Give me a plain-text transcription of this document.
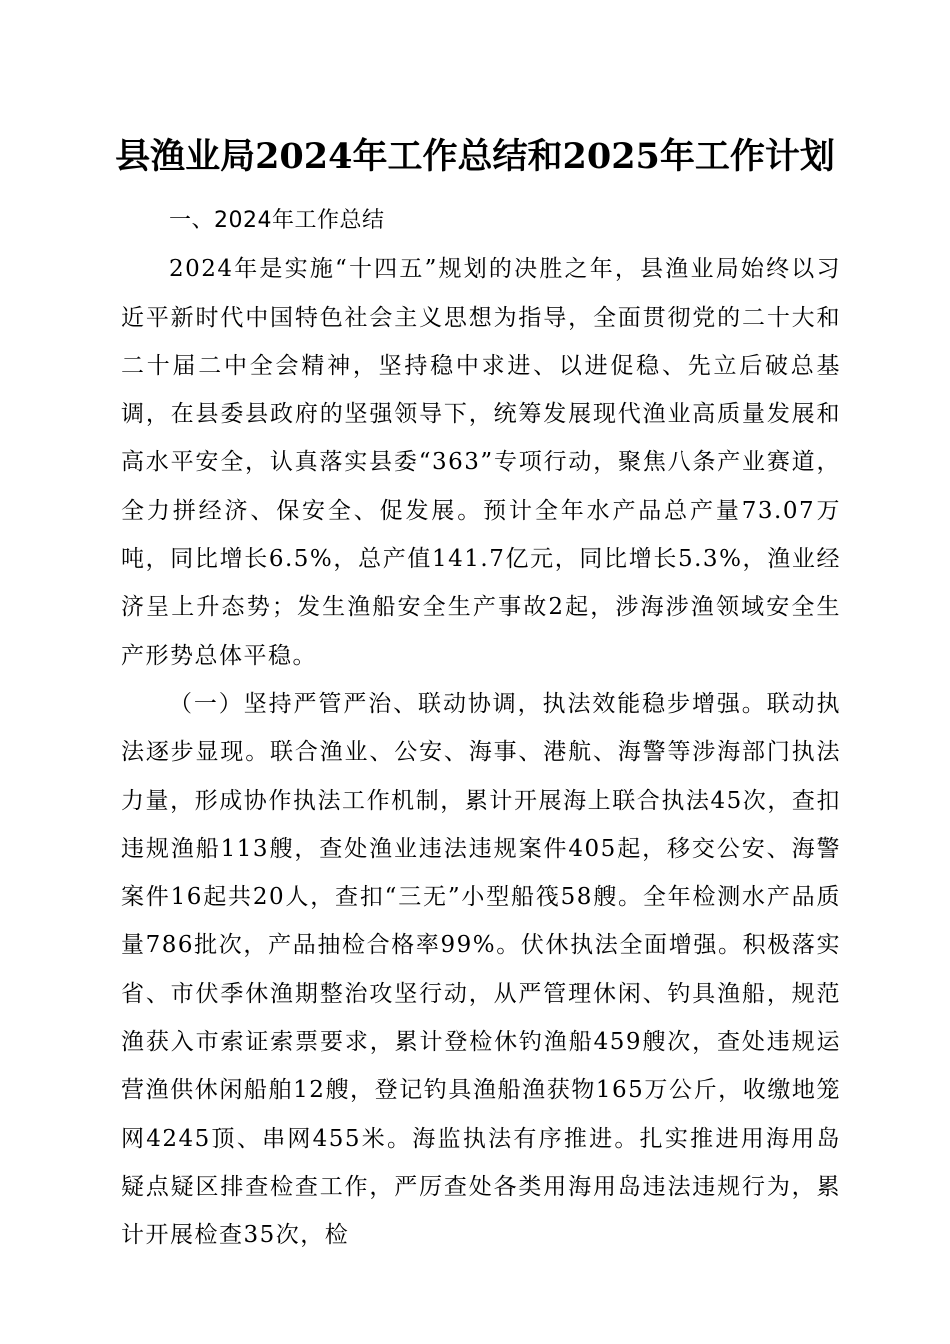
县渔业局2024年工作总结和2025年工作计划

一、2024年工作总结

2024年是实施“十四五”规划的决胜之年，县渔业局始终以习近平新时代中国特色社会主义思想为指导，全面贯彻党的二十大和二十届二中全会精神，坚持稳中求进、以进促稳、先立后破总基调，在县委县政府的坚强领导下，统筹发展现代渔业高质量发展和高水平安全，认真落实县委“363”专项行动，聚焦八条产业赛道，全力拼经济、保安全、促发展。预计全年水产品总产量73.07万吨，同比增长6.5%，总产值141.7亿元，同比增长5.3%，渔业经济呈上升态势；发生渔船安全生产事故2起，涉海涉渔领域安全生产形势总体平稳。

（一）坚持严管严治、联动协调，执法效能稳步增强。联动执法逐步显现。联合渔业、公安、海事、港航、海警等涉海部门执法力量，形成协作执法工作机制，累计开展海上联合执法45次，查扣违规渔船113艘，查处渔业违法违规案件405起，移交公安、海警案件16起共20人，查扣“三无”小型船筏58艘。全年检测水产品质量786批次，产品抽检合格率99%。伏休执法全面增强。积极落实省、市伏季休渔期整治攻坚行动，从严管理休闲、钓具渔船，规范渔获入市索证索票要求，累计登检休钓渔船459艘次，查处违规运营渔供休闲船舶12艘，登记钓具渔船渔获物165万公斤，收缴地笼网4245顶、串网455米。海监执法有序推进。扎实推进用海用岛疑点疑区排查检查工作，严厉查处各类用海用岛违法违规行为，累计开展检查35次，检
